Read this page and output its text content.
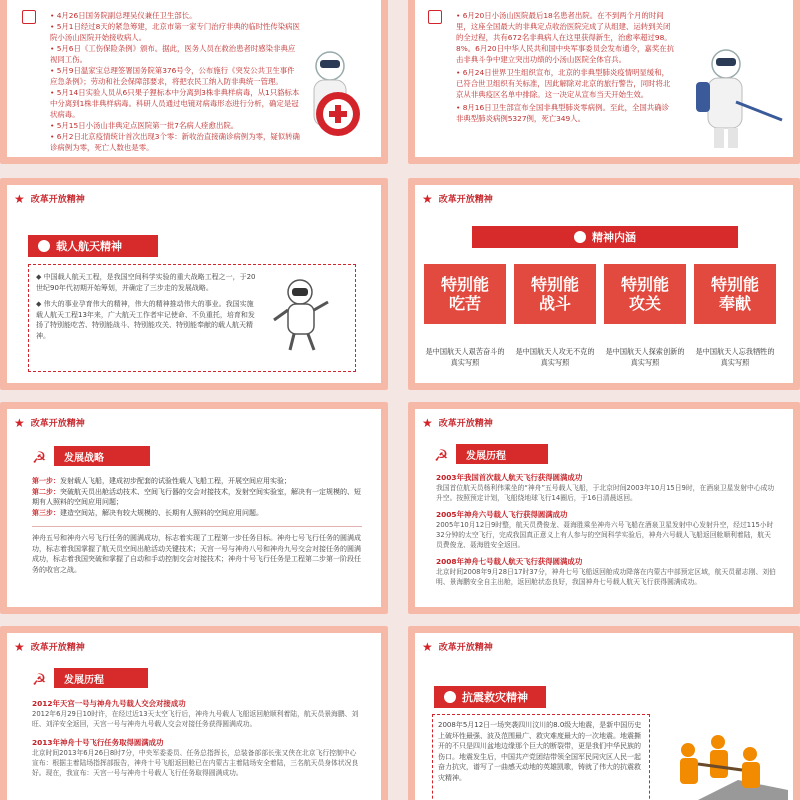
• 4月26日国务院副总理吴仪兼任卫生部长。
• 5月1日经过8天的紧急筹建，北京市第一家专门治疗非典的临时性传染病医院小汤山医院开始接收病人。
• 5月6日《工伤保险条例》颁布。据此，医务人员在救治患者时感染非典应视同工伤。
• 5月9日温家宝总理签署国务院第376号令，公布施行《突发公共卫生事件应急条例》；劳动和社会保障部要求，将把农民工纳入防非典统一管理。
• 5月14日实验人员从6只果子狸标本中分离到3株非典样病毒，从1只貉标本中分离到1株非典样病毒。科研人员通过电镜对病毒形态进行分析，确定是冠状病毒。
• 5月15日小汤山非典定点医院第一批7名病人痊愈出院。
• 6月2日北京疫情统计首次出现3个零：新收治直接确诊病例为零，疑似转确诊病例为零，死亡人数也是零。
• 6月20日小汤山医院最后18名患者出院。在不到两个月的时间里，这座全国最大的非典定点收治医院完成了从组建、运转到关闭的全过程，共有672名非典病人在这里获得新生，治愈率超过98。8%。6月20日中华人民共和国中央军事委员会发布通令，嘉奖在抗击非典斗争中建立突出功绩的小汤山医院全体官兵。
• 6月24日世界卫生组织宣布，北京的非典型肺炎疫情明显缓和，已符合世卫组织有关标准，因此解除对北京的旅行警告，同时将北京从非典疫区名单中排除。这一决定从宣布当天开始生效。
• 8月16日卫生部宣布全国非典型肺炎零病例。至此，全国共确诊非典型肺炎病例5327例，死亡349人。
★ 改革开放精神
载人航天精神

◆ 中国载人航天工程，是我国空间科学实验的重大战略工程之一，于20世纪90年代初期开始筹划，并确定了三步走的发展战略。

◆ 伟大的事业孕育伟大的精神，伟大的精神推动伟大的事业。我国实施载人航天工程13年来，广大航天工作者牢记使命、不负重托，培育和发扬了特别能吃苦、特别能战斗、特别能攻关、特别能奉献的载人航天精神。

★ 改革开放精神
精神内涵
特别能吃苦
特别能战斗
特别能攻关
特别能奉献
是中国航天人艰苦奋斗的真实写照
是中国航天人攻无不克的真实写照
是中国航天人探索创新的真实写照
是中国航天人忘我牺牲的真实写照
★ 改革开放精神
☭ 发展战略

第一步：发射载人飞船，建成初步配套的试验性载人飞船工程，开展空间应用实验；

第二步：突破航天员出舱活动技术、空间飞行器的交会对接技术，发射空间实验室，解决有一定规模的、短期有人照料的空间应用问题；

第三步：建造空间站，解决有较大规模的、长期有人照料的空间应用问题。

神舟五号和神舟六号飞行任务的圆满成功，标志着实现了工程第一步任务目标。神舟七号飞行任务的圆满成功，标志着我国掌握了航天员空间出舱活动关键技术；天宫一号与神舟八号和神舟九号交会对接任务的圆满成功，标志着我国突破和掌握了自动和手动控制交会对接技术；神舟十号飞行任务是工程第二步第一阶段任务的收官之战。

★ 改革开放精神
☭ 发展历程

2003年我国首次载人航天飞行获得圆满成功

我国首位航天员杨利伟乘坐的“神舟”五号载人飞船，于北京时间2003年10月15日9时，在酒泉卫星发射中心成功升空。按照预定计划，飞船绕地球飞行14圈后，于16日清晨返回。

2005年神舟六号载人飞行获得圆满成功

2005年10月12日9时整，航天员费俊龙、聂海胜乘坐神舟六号飞船在酒泉卫星发射中心发射升空，经过115小时32分钟的太空飞行，完成我国真正意义上有人参与的空间科学实验后，神舟六号载人飞船返回舱顺利着陆，航天员费俊龙、聂海胜安全返回。

2008年神舟七号载人航天飞行获得圆满成功

北京时间2008年9月28日17时37分，神舟七号飞船返回舱成功降落在内蒙古中部预定区域，航天员翟志刚、刘伯明、景海鹏安全自主出舱，返回舱状态良好，我国神舟七号载人航天飞行获得圆满成功。

★ 改革开放精神
☭ 发展历程

2012年天宫一号与神舟九号载人交会对接成功

2012年6月29日10时许，在经过近13天太空飞行后，神舟九号载人飞船返回舱顺利着陆，航天员景海鹏、刘旺、刘洋安全返回，天宫一号与神舟九号载人交会对接任务获得圆满成功。

2013年神舟十号飞行任务取得圆满成功

北京时间2013年6月26日8时7分，中央军委委员、任务总指挥长，总装备部部长张又侠在北京飞行控制中心宣布：根据主着陆场指挥部报告，神舟十号飞船返回舱已在内蒙古主着陆场安全着陆，三名航天员身体状况良好。现在，我宣布：天宫一号与神舟十号载人飞行任务取得圆满成功。

★ 改革开放精神
抗震救灾精神

2008年5月12日一场突袭四川汶川的8.0级大地震，是新中国历史上破坏性最强、波及范围最广、救灾难度最大的一次地震。地震撕开的不只是四川盆地边缘那个巨大的断裂带，更是我们中华民族的伤口。地震发生后，中国共产党团结带领全国军民同灾区人民一起奋力抗灾，谱写了一曲感天动地的英雄凯歌，铸就了伟大的抗震救灾精神。
